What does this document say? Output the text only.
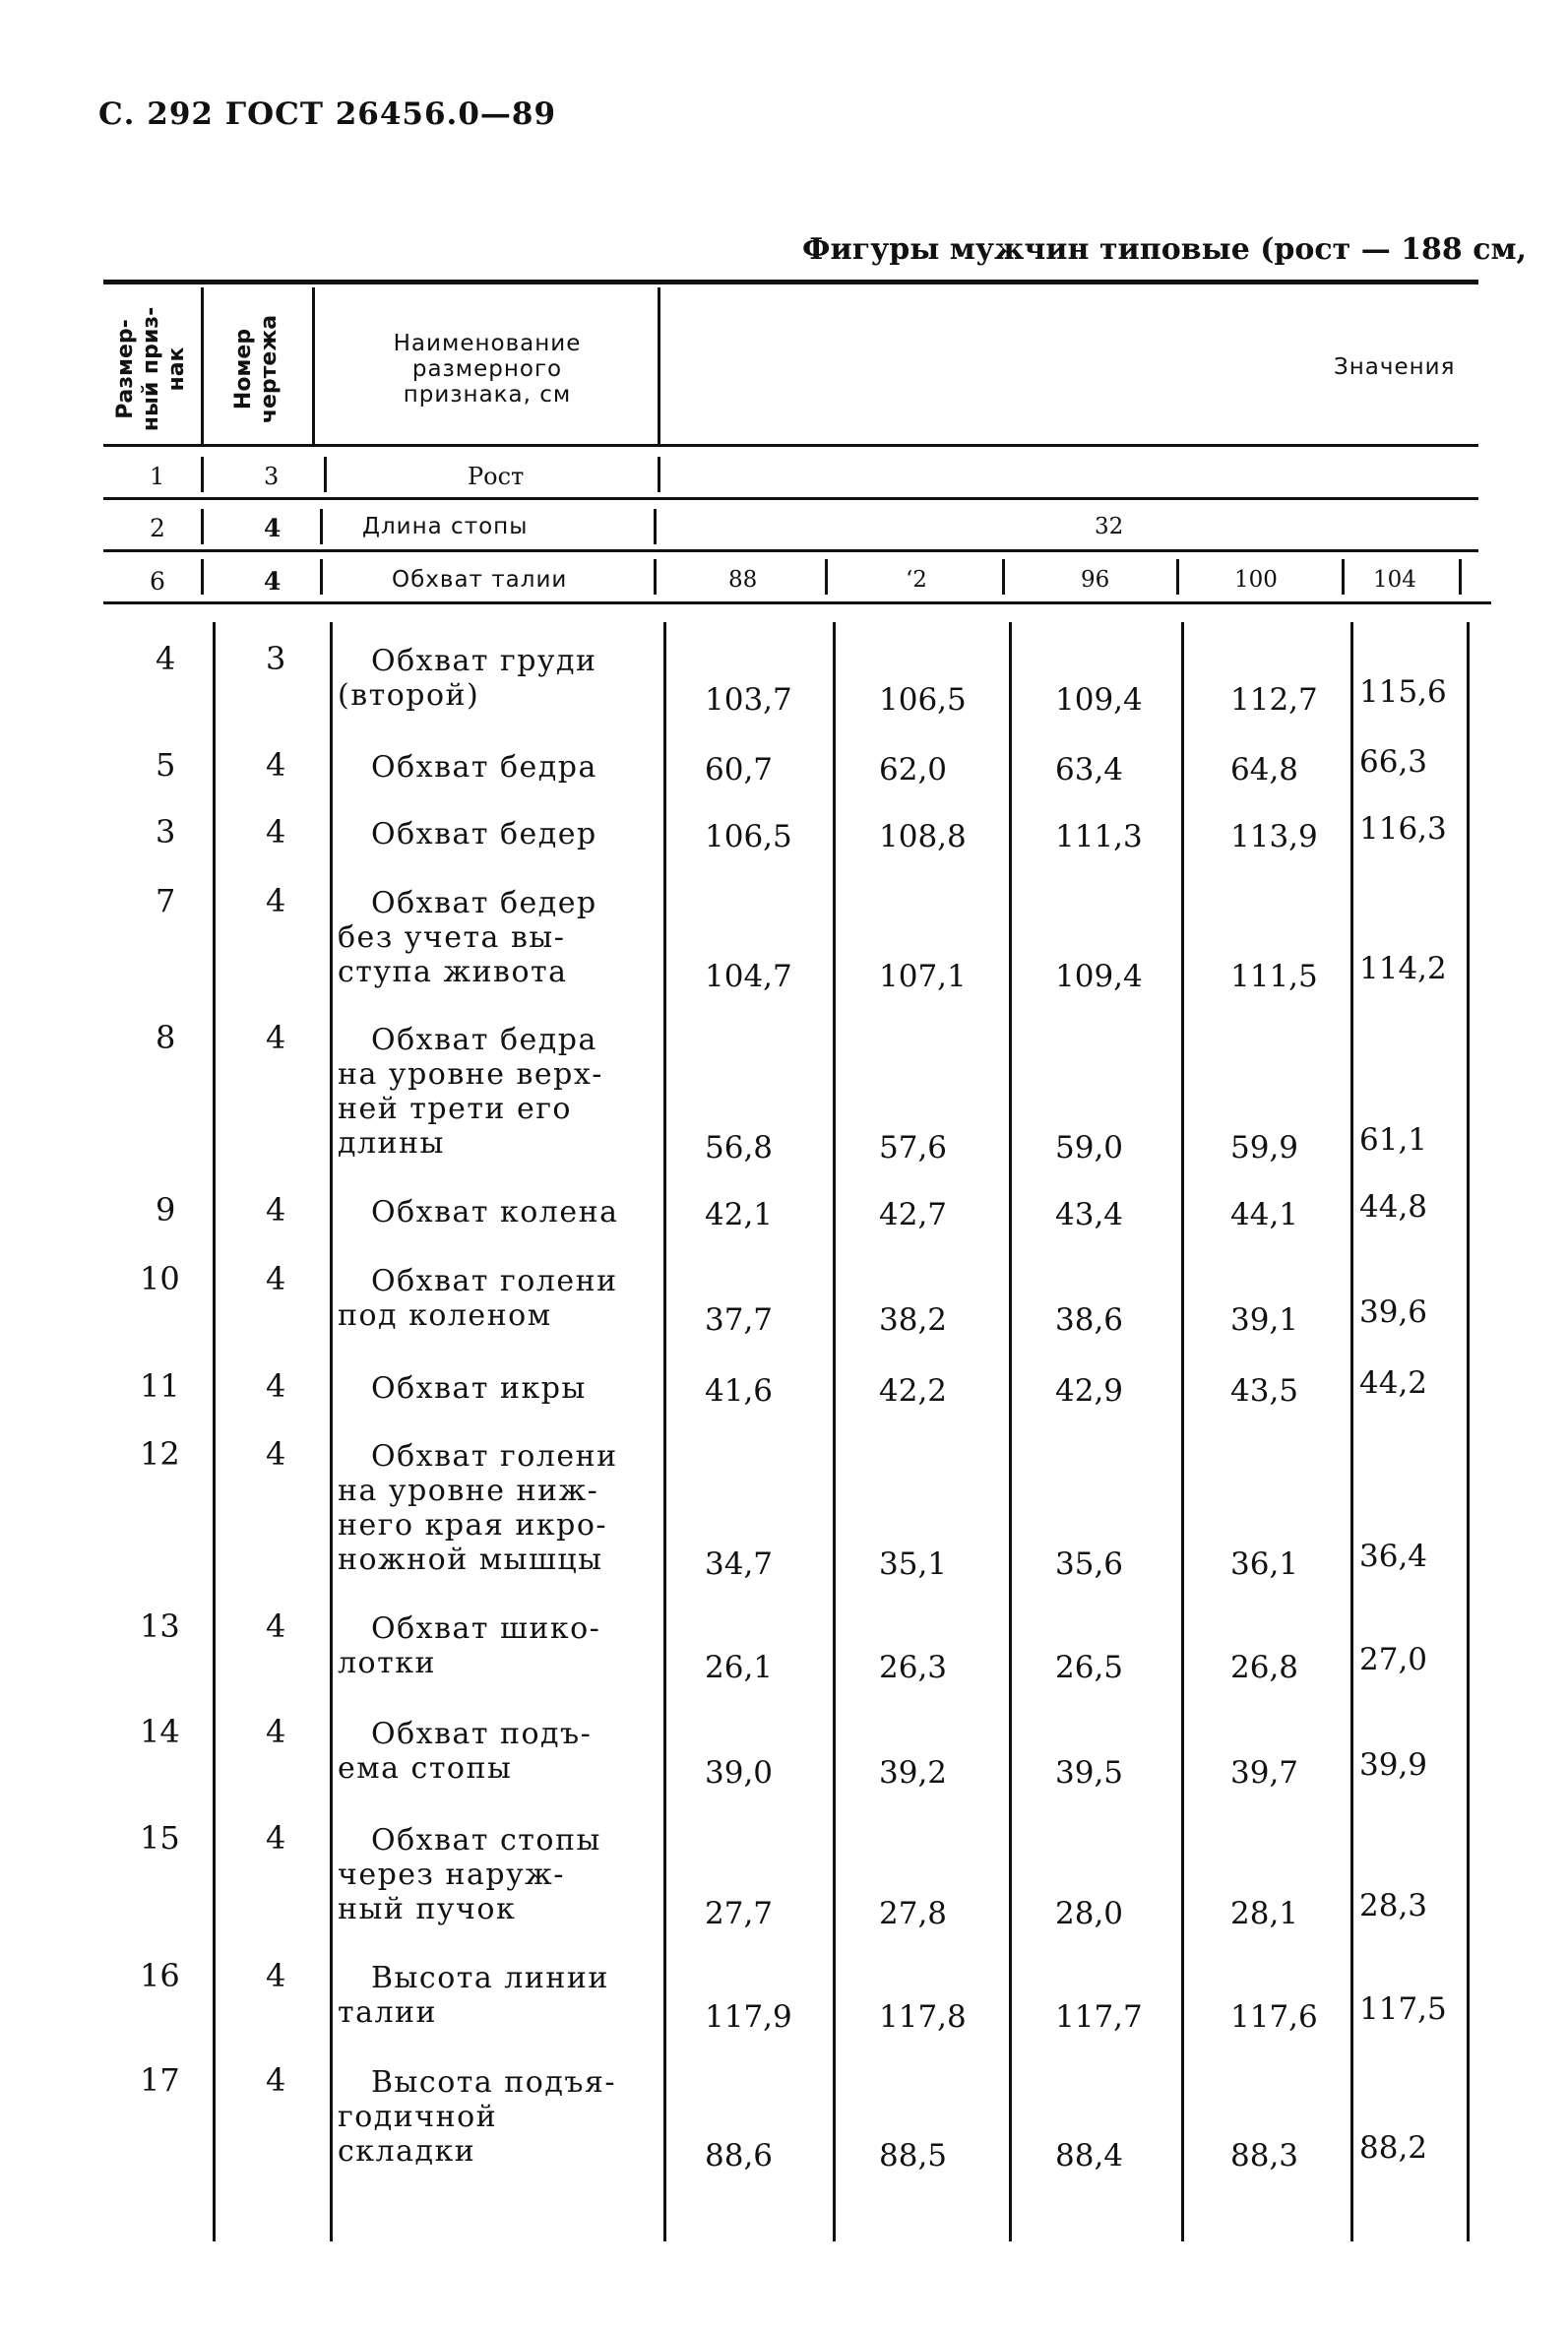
С. 292 ГОСТ 26456.0—89
Фигуры мужчин типовые (рост — 188 см,
Размер-
ный приз-
нак	Номер
чертежа	Наименование
размерного
признака, см
Значения
1	3	Рост
2	4	Длина стопы	32
6	4	Обхват талии	88	ʻ2	96	100	104
4	3	Обхват груди
(второй)	103,7	106,5	109,4	112,7 115,6
5	4	Обхват бедра	60,7	62,0	63,4	64,8 66,3
3	4	Обхват бедер	106,5	108,8	111,3	113,9 116,3
7	4	Обхват бедер
без учета вы-
ступа живота	104,7	107,1	109,4	111,5 114,2
8	4	Обхват бедра
на уровне верх-
ней трети его
длины	56,8	57,6	59,0	59,9 61,1
9	4	Обхват колена	42,1	42,7	43,4	44,1 44,8
10	4	Обхват голени
под коленом	37,7	38,2	38,6	39,1 39,6
11	4	Обхват икры	41,6	42,2	42,9	43,5 44,2
12	4	Обхват голени
на уровне ниж-
него края икро-
ножной мышцы	34,7	35,1	35,6	36,1 36,4
13	4	Обхват шико-
лотки	26,1	26,3	26,5	26,8 27,0
14	4	Обхват подъ-
ема стопы	39,0	39,2	39,5	39,7 39,9
15	4	Обхват стопы
через наруж-
ный пучок	27,7	27,8	28,0	28,1 28,3
16	4	Высота линии
талии	117,9	117,8	117,7	117,6 117,5
17	4	Высота подъя-
годичной
складки	88,6	88,5	88,4	88,3 88,2
